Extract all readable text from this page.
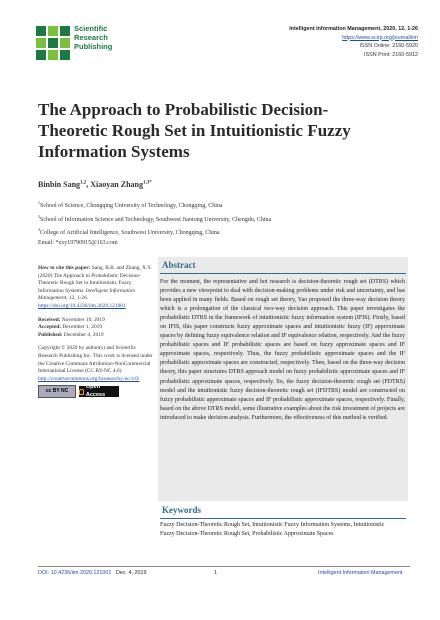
Scientific
Research
Publishing
Intelligent Information Management, 2020, 12, 1-26
https://www.scirp.org/journal/iim
ISSN Online: 2160-5920
ISSN Print: 2160-5912
The Approach to Probabilistic Decision-Theoretic Rough Set in Intuitionistic Fuzzy Information Systems
Binbin Sang$^{1,2}$, Xiaoyan Zhang$^{1,3*}$
$^1$School of Science, Chongqing University of Technology, Chongqing, China
$^2$School of Information Science and Technology, Southwest Jiaotong University, Chengdu, China
$^3$College of Artificial Intelligence, Southwest University, Chongqing, China
Email: *zxy19790915@163.com

How to cite this paper: Sang, B.B. and Zhang, X.Y. (2020) The Approach to Probabilistic Decision-Theoretic Rough Set in Intuitionistic Fuzzy Information Systems. Intelligent Information Management, 12, 1-26.
https://doi.org/10.4236/iim.2020.121001

Received: November 10, 2019
Accepted: December 1, 2019
Published: December 4, 2019

Copyright © 2020 by author(s) and Scientific Research Publishing Inc. This work is licensed under the Creative Commons Attribution-NonCommercial International License (CC BY-NC 4.0).
http://creativecommons.org/licenses/by-nc/4.0/

cc BY NC
Open Access
Abstract
For the moment, the representative and hot research is decision-theoretic rough set (DTRS) which provides a new viewpoint to deal with decision-making problems under risk and uncertainty, and has been applied in many fields. Based on rough set theory, Yao proposed the three-way decision theory which is a prolongation of the classical two-way decision approach. This paper investigates the probabilistic DTRS in the framework of intuitionistic fuzzy information system (IFIS). Firstly, based on IFIS, this paper constructs fuzzy approximate spaces and intuitionistic fuzzy (IF) approximate spaces by defining fuzzy equivalence relation and IF equivalence relation, respectively. And the fuzzy probabilistic spaces and IF probabilistic spaces are based on fuzzy approximate spaces and IF approximate spaces, respectively. Thus, the fuzzy probabilistic approximate spaces and the IF probabilistic approximate spaces are constructed, respectively. Then, based on the three-way decision theory, this paper structures DTRS approach model on fuzzy probabilistic approximate spaces and IF probabilistic approximate spaces, respectively. So, the fuzzy decision-theoretic rough set (FDTRS) model and the intuitionistic fuzzy decision-theoretic rough set (IFDTRS) model are constructed on fuzzy probabilistic approximate spaces and IF probabilistic approximate spaces, respectively. Finally, based on the above DTRS model, some illustrative examples about the risk investment of projects are introduced to make decision analysis. Furthermore, the effectiveness of this method is verified.
Keywords
Fuzzy Decision-Theoretic Rough Set, Intuitionistic Fuzzy Information Systems, Intuitionistic Fuzzy Decision-Theoretic Rough Set, Probabilistic Approximate Spaces
DOI: 10.4236/iim.2020.121001 Dec. 4, 2019	1	Intelligent Information Management
